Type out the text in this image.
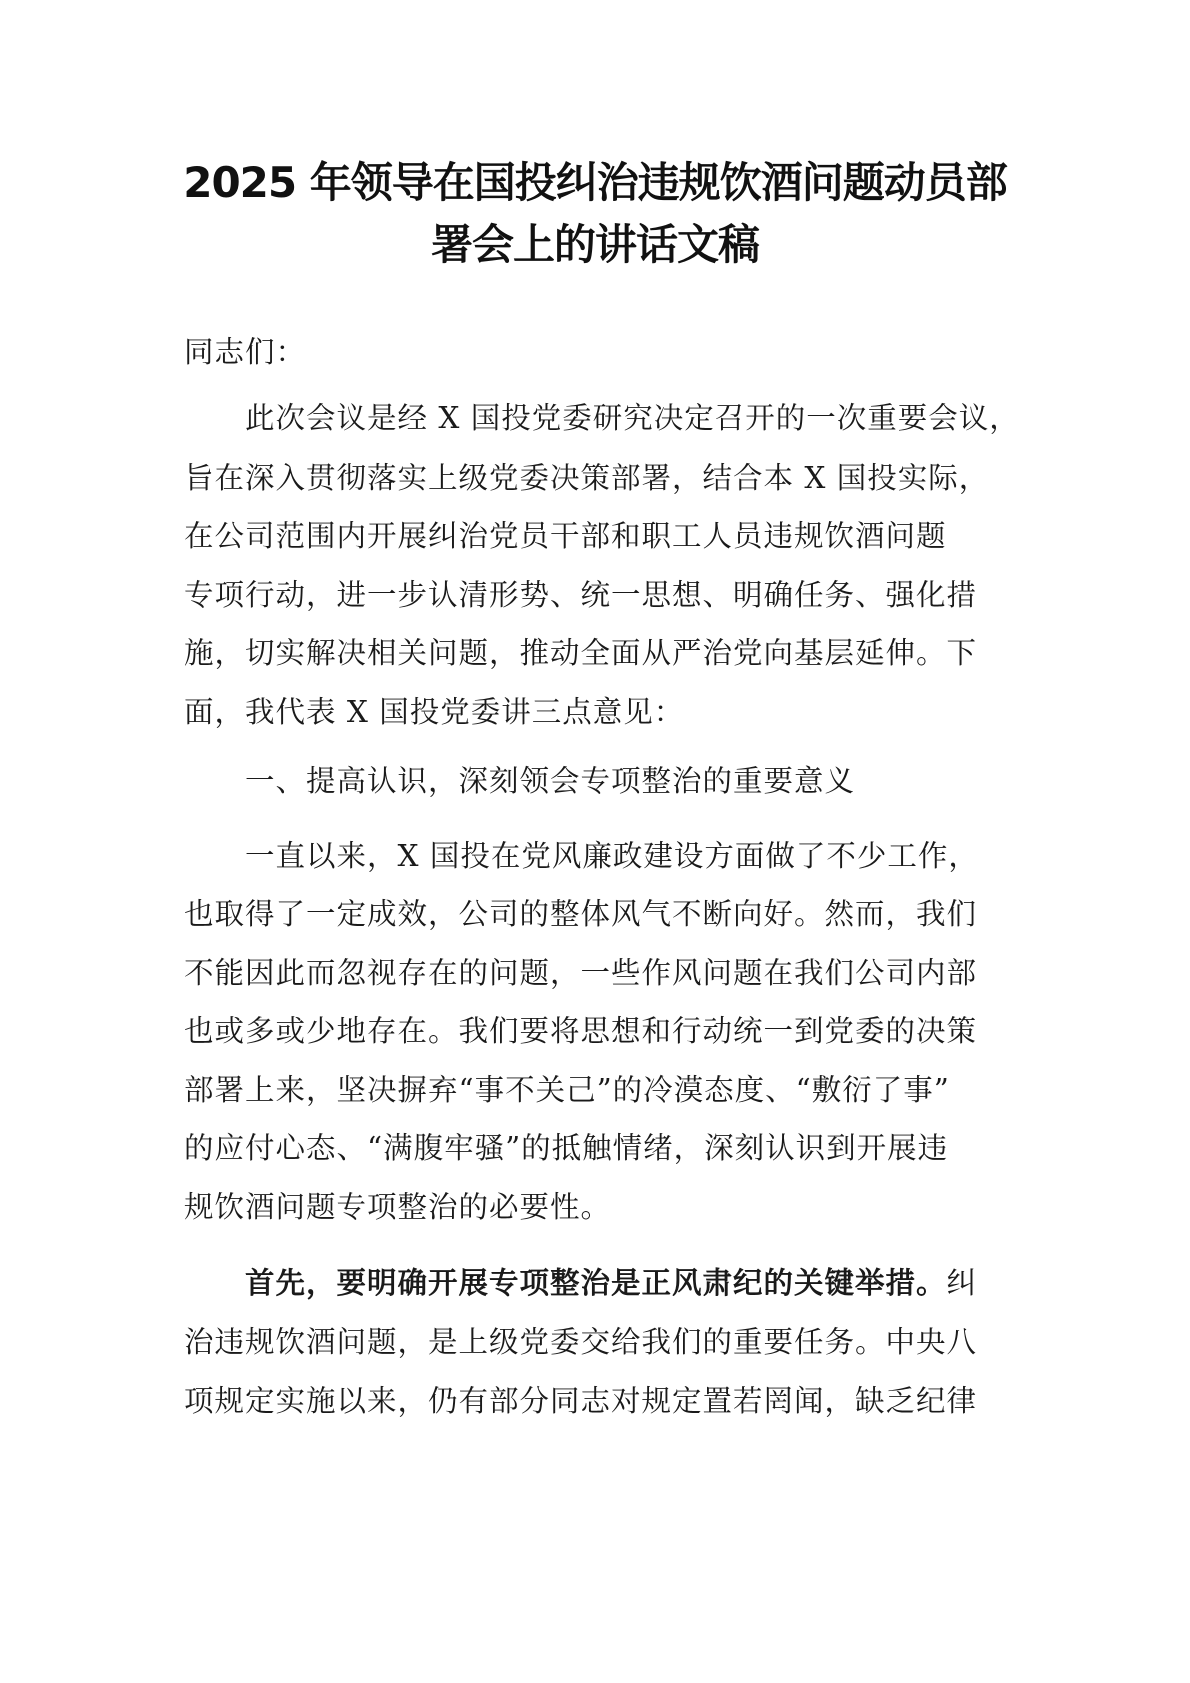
2025 年领导在国投纠治违规饮酒问题动员部
署会上的讲话文稿
同志们：
此次会议是经 X 国投党委研究决定召开的一次重要会议，
旨在深入贯彻落实上级党委决策部署，结合本 X 国投实际，
在公司范围内开展纠治党员干部和职工人员违规饮酒问题
专项行动，进一步认清形势、统一思想、明确任务、强化措
施，切实解决相关问题，推动全面从严治党向基层延伸。下
面，我代表 X 国投党委讲三点意见：
一、提高认识，深刻领会专项整治的重要意义
一直以来，X 国投在党风廉政建设方面做了不少工作，
也取得了一定成效，公司的整体风气不断向好。然而，我们
不能因此而忽视存在的问题，一些作风问题在我们公司内部
也或多或少地存在。我们要将思想和行动统一到党委的决策
部署上来，坚决摒弃“事不关己”的冷漠态度、“敷衍了事”
的应付心态、“满腹牢骚”的抵触情绪，深刻认识到开展违
规饮酒问题专项整治的必要性。
首先，要明确开展专项整治是正风肃纪的关键举措。纠
治违规饮酒问题，是上级党委交给我们的重要任务。中央八
项规定实施以来，仍有部分同志对规定置若罔闻，缺乏纪律
